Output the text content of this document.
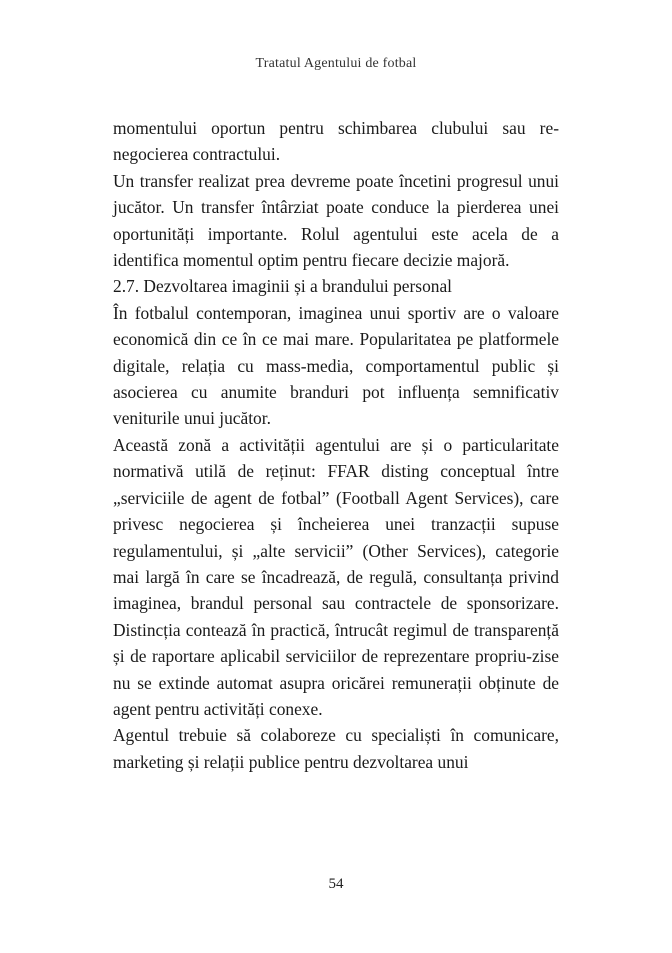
Tratatul Agentului de fotbal

momentului oportun pentru schimbarea clubului sau renegocierea contractului.

Un transfer realizat prea devreme poate încetini progresul unui jucător. Un transfer întârziat poate conduce la pierderea unei oportunități importante. Rolul agentului este acela de a identifica momentul optim pentru fiecare decizie majoră.

2.7. Dezvoltarea imaginii și a brandului personal

În fotbalul contemporan, imaginea unui sportiv are o valoare economică din ce în ce mai mare. Popularitatea pe platformele digitale, relația cu mass-media, comportamentul public și asocierea cu anumite branduri pot influența semnificativ veniturile unui jucător.

Această zonă a activității agentului are și o particularitate normativă utilă de reținut: FFAR disting conceptual între „serviciile de agent de fotbal” (Football Agent Services), care privesc negocierea și încheierea unei tranzacții supuse regulamentului, și „alte servicii” (Other Services), categorie mai largă în care se încadrează, de regulă, consultanța privind imaginea, brandul personal sau contractele de sponsorizare. Distincția contează în practică, întrucât regimul de transparență și de raportare aplicabil serviciilor de reprezentare propriu-zise nu se extinde automat asupra oricărei remunerații obținute de agent pentru activități conexe.

Agentul trebuie să colaboreze cu specialiști în comunicare, marketing și relații publice pentru dezvoltarea unui

54
